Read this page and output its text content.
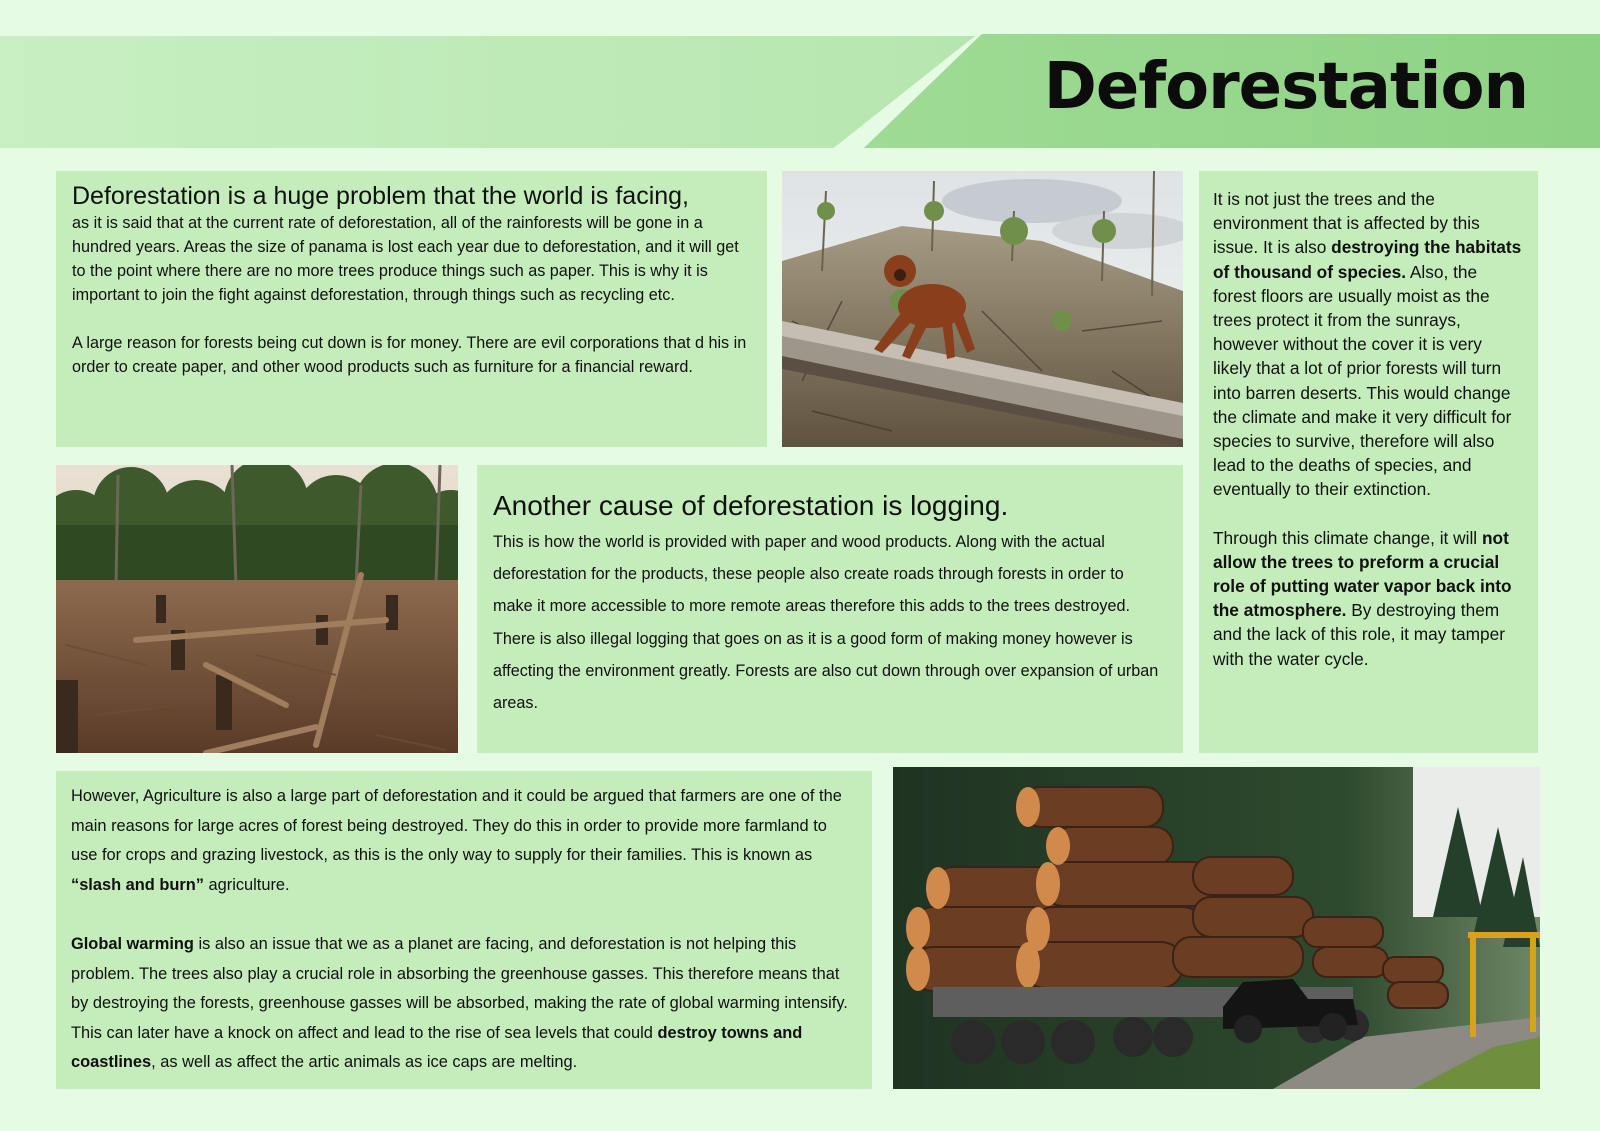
Deforestation

Deforestation is a huge problem that the world is facing,

as it is said that at the current rate of deforestation, all of the rainforests will be gone in a hundred years. Areas the size of panama is lost each year due to deforestation, and it will get to the point where there are no more trees produce things such as paper. This is why it is important to join the fight against deforestation, through things such as recycling etc.

A large reason for forests being cut down is for money. There are evil corporations that d his in order to create paper, and other wood products such as furniture for a financial reward.

It is not just the trees and the environment that is affected by this issue. It is also destroying the habitats of thousand of species. Also, the forest floors are usually moist as the trees protect it from the sunrays, however without the cover it is very likely that a lot of prior forests will turn into barren deserts. This would change the climate and make it very difficult for species to survive, therefore will also lead to the deaths of species, and eventually to their extinction.

Through this climate change, it will not allow the trees to preform a crucial role of putting water vapor back into the atmosphere. By destroying them and the lack of this role, it may tamper with the water cycle.

Another cause of deforestation is logging.

This is how the world is provided with paper and wood products. Along with the actual deforestation for the products, these people also create roads through forests in order to make it more accessible to more remote areas therefore this adds to the trees destroyed. There is also illegal logging that goes on as it is a good form of making money however is affecting the environment greatly. Forests are also cut down through over expansion of urban areas.

However, Agriculture is also a large part of deforestation and it could be argued that farmers are one of the main reasons for large acres of forest being destroyed. They do this in order to provide more farmland to use for crops and grazing livestock, as this is the only way to supply for their families. This is known as “slash and burn” agriculture.

Global warming is also an issue that we as a planet are facing, and deforestation is not helping this problem. The trees also play a crucial role in absorbing the greenhouse gasses. This therefore means that by destroying the forests, greenhouse gasses will be absorbed, making the rate of global warming intensify. This can later have a knock on affect and lead to the rise of sea levels that could destroy towns and coastlines, as well as affect the artic animals as ice caps are melting.
